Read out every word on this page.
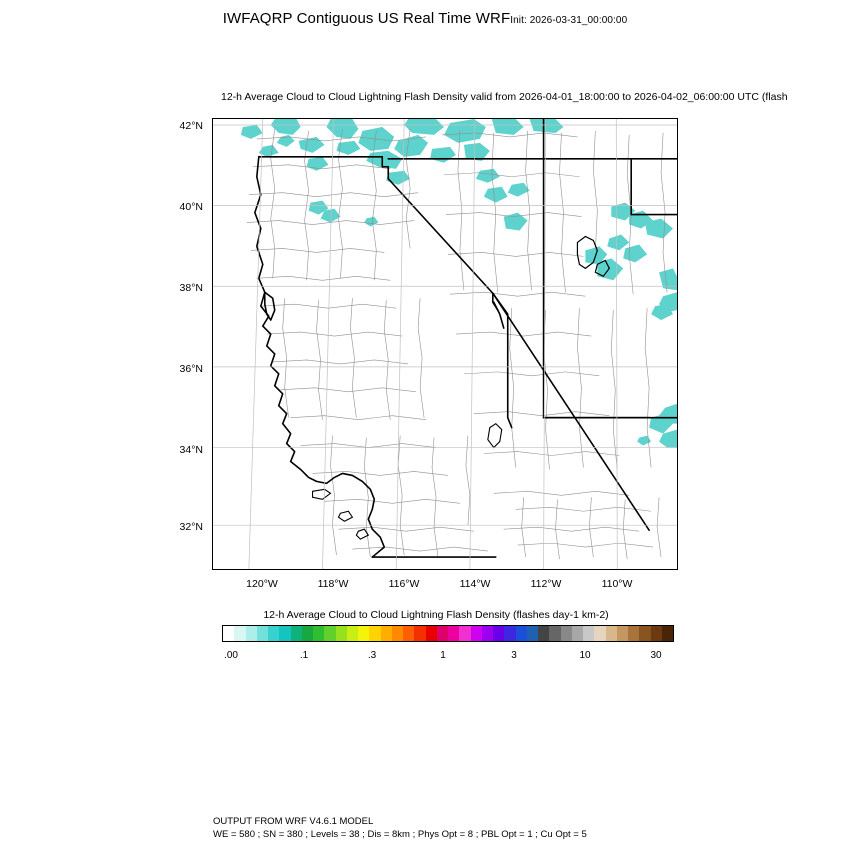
IWFAQRP Contiguous US Real Time WRFInit: 2026-03-31_00:00:00
12-h Average Cloud to Cloud Lightning Flash Density valid from 2026-04-01_18:00:00 to 2026-04-02_06:00:00 UTC (flash
42°N
40°N
38°N
36°N
34°N
32°N
120°W	118°W	116°W	114°W	112°W	110°W
12-h Average Cloud to Cloud Lightning Flash Density (flashes day-1 km-2)
.00	.1	.3	1	3	10	30
OUTPUT FROM WRF V4.6.1 MODEL
WE = 580 ; SN = 380 ; Levels = 38 ; Dis = 8km ; Phys Opt = 8 ; PBL Opt = 1 ; Cu Opt = 5
